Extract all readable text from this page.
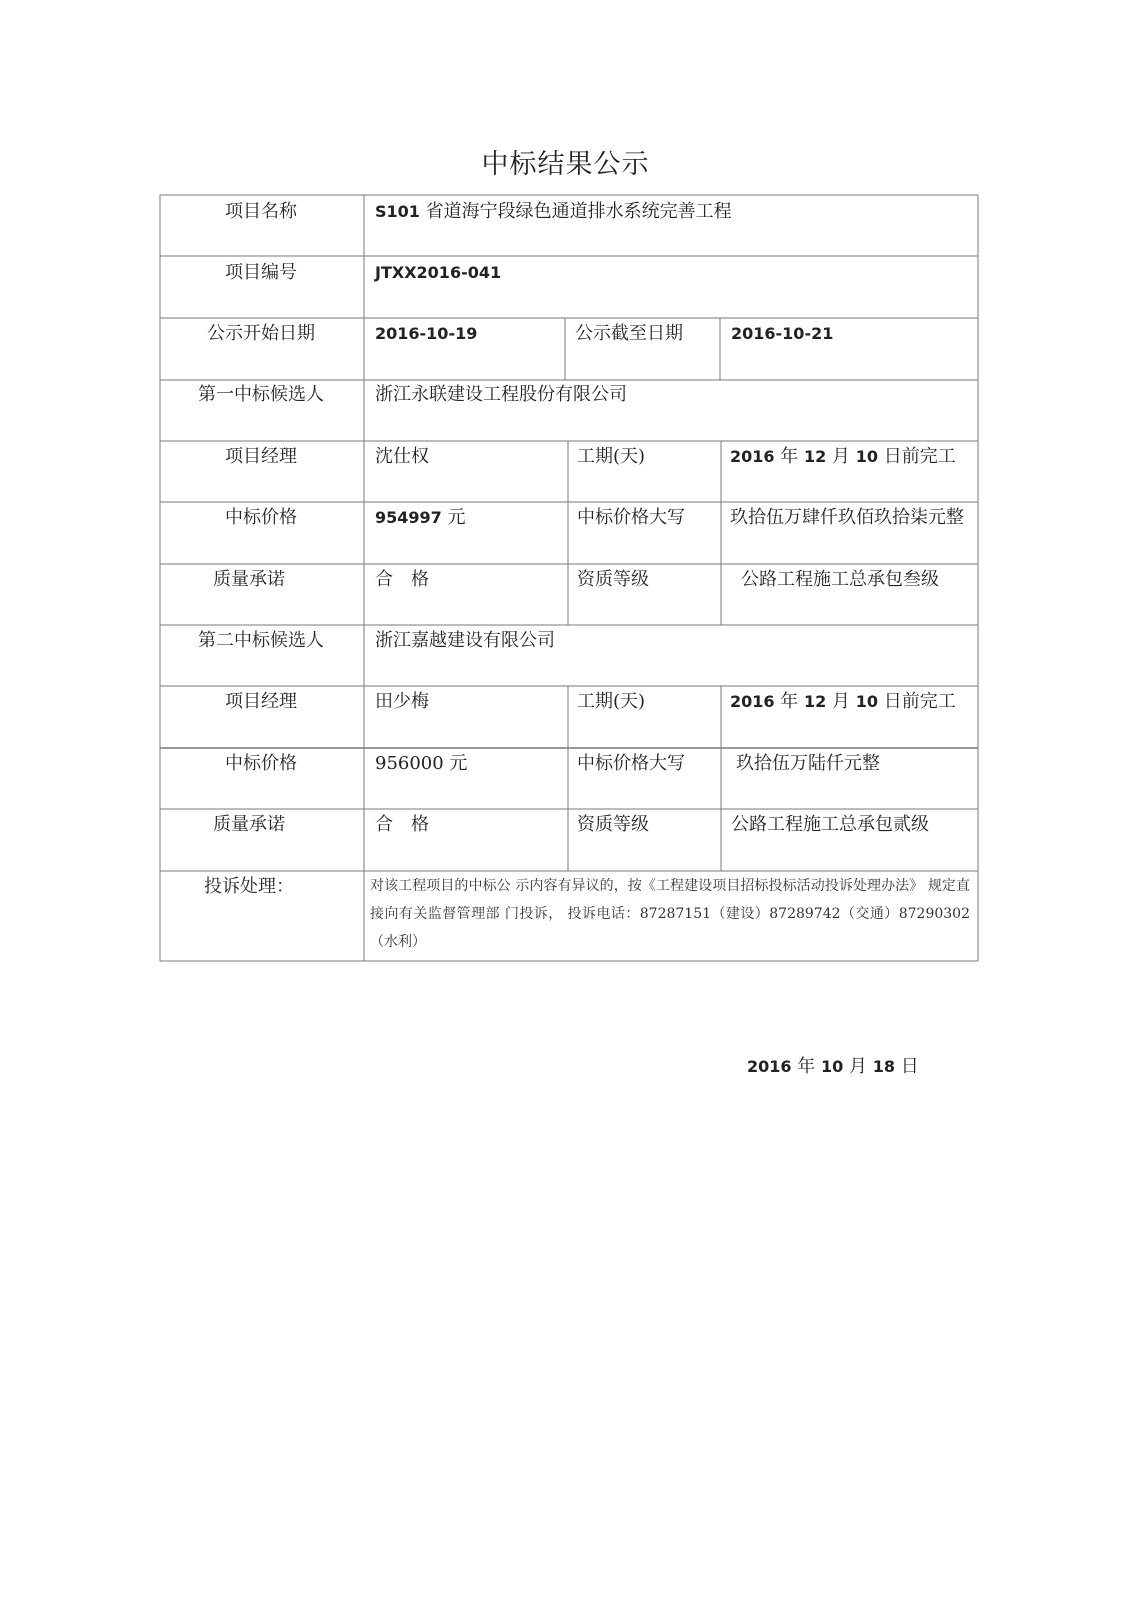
中标结果公示
项目名称	S101 省道海宁段绿色通道排水系统完善工程
项目编号	JTXX2016-041
公示开始日期	2016-10-19	公示截至日期	2016-10-21
第一中标候选人	浙江永联建设工程股份有限公司
项目经理	沈仕权	工期(天)	2016 年 12 月 10 日前完工
中标价格	954997 元	中标价格大写	玖拾伍万肆仟玖佰玖拾柒元整
质量承诺	合　格	资质等级	公路工程施工总承包叁级
第二中标候选人	浙江嘉越建设有限公司
项目经理	田少梅	工期(天)	2016 年 12 月 10 日前完工
中标价格	956000 元	中标价格大写	玖拾伍万陆仟元整
质量承诺	合　格	资质等级	公路工程施工总承包贰级
投诉处理：	对该工程项目的中标公 示内容有异议的，按《工程建设项目招标投标活动投诉处理办法》 规定直接向有关监督管理部 门投诉， 投诉电话：87287151（建设）87289742（交通）87290302（水利）
2016 年 10 月 18 日
